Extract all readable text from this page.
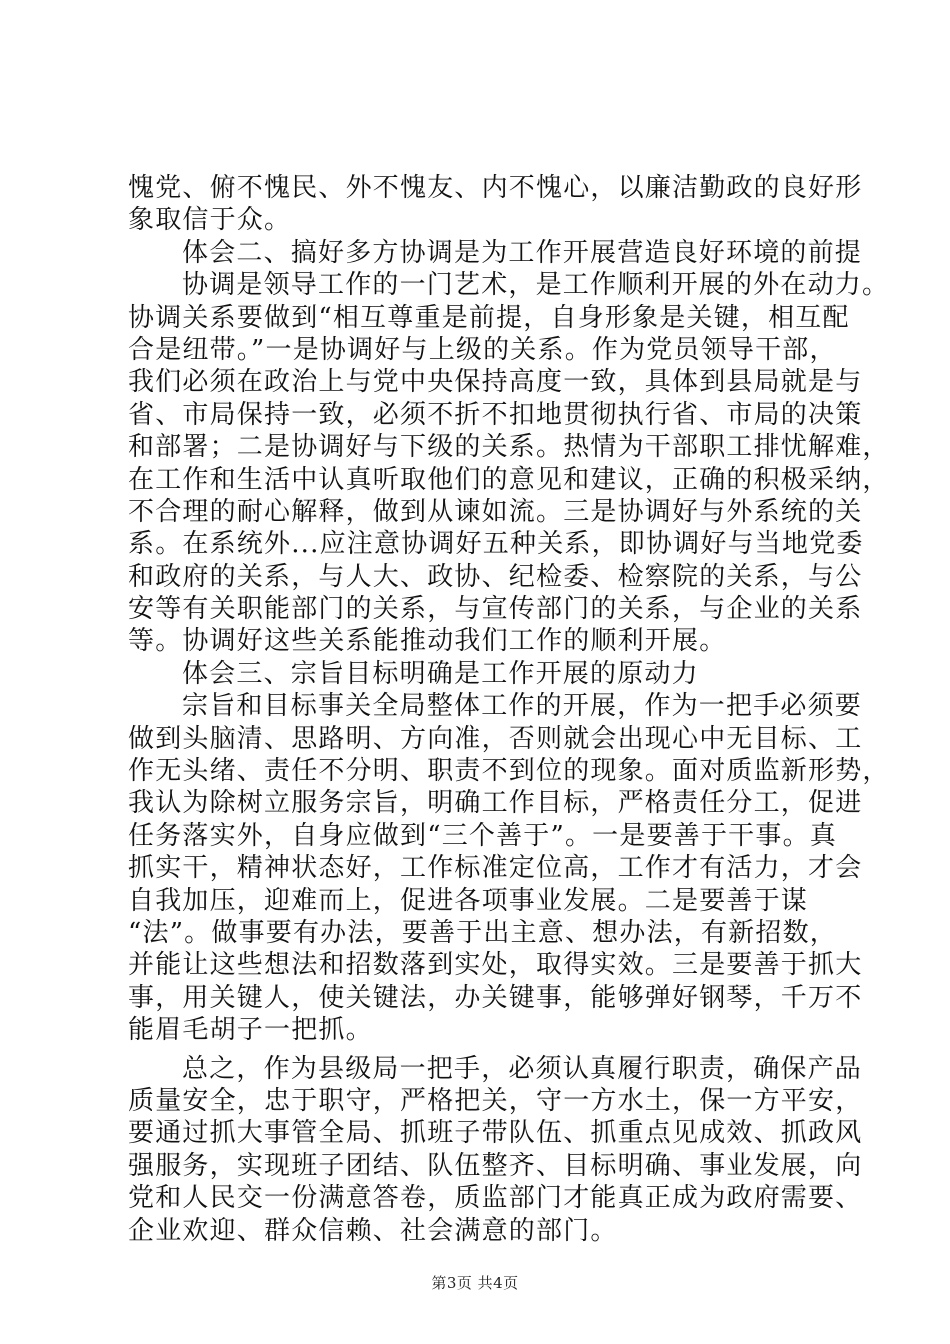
愧党、俯不愧民、外不愧友、内不愧心，以廉洁勤政的良好形
象取信于众。
体会二、搞好多方协调是为工作开展营造良好环境的前提
协调是领导工作的一门艺术，是工作顺利开展的外在动力。
协调关系要做到“相互尊重是前提，自身形象是关键，相互配
合是纽带。”一是协调好与上级的关系。作为党员领导干部，
我们必须在政治上与党中央保持高度一致，具体到县局就是与
省、市局保持一致，必须不折不扣地贯彻执行省、市局的决策
和部署；二是协调好与下级的关系。热情为干部职工排忧解难，
在工作和生活中认真听取他们的意见和建议，正确的积极采纳，
不合理的耐心解释，做到从谏如流。三是协调好与外系统的关
系。在系统外...应注意协调好五种关系，即协调好与当地党委
和政府的关系，与人大、政协、纪检委、检察院的关系，与公
安等有关职能部门的关系，与宣传部门的关系，与企业的关系
等。协调好这些关系能推动我们工作的顺利开展。
体会三、宗旨目标明确是工作开展的原动力
宗旨和目标事关全局整体工作的开展，作为一把手必须要
做到头脑清、思路明、方向准，否则就会出现心中无目标、工
作无头绪、责任不分明、职责不到位的现象。面对质监新形势，
我认为除树立服务宗旨，明确工作目标，严格责任分工，促进
任务落实外，自身应做到“三个善于”。一是要善于干事。真
抓实干，精神状态好，工作标准定位高，工作才有活力，才会
自我加压，迎难而上，促进各项事业发展。二是要善于谋
“法”。做事要有办法，要善于出主意、想办法，有新招数，
并能让这些想法和招数落到实处，取得实效。三是要善于抓大
事，用关键人，使关键法，办关键事，能够弹好钢琴，千万不
能眉毛胡子一把抓。
总之，作为县级局一把手，必须认真履行职责，确保产品
质量安全，忠于职守，严格把关，守一方水土，保一方平安，
要通过抓大事管全局、抓班子带队伍、抓重点见成效、抓政风
强服务，实现班子团结、队伍整齐、目标明确、事业发展，向
党和人民交一份满意答卷，质监部门才能真正成为政府需要、
企业欢迎、群众信赖、社会满意的部门。
第3页 共4页
